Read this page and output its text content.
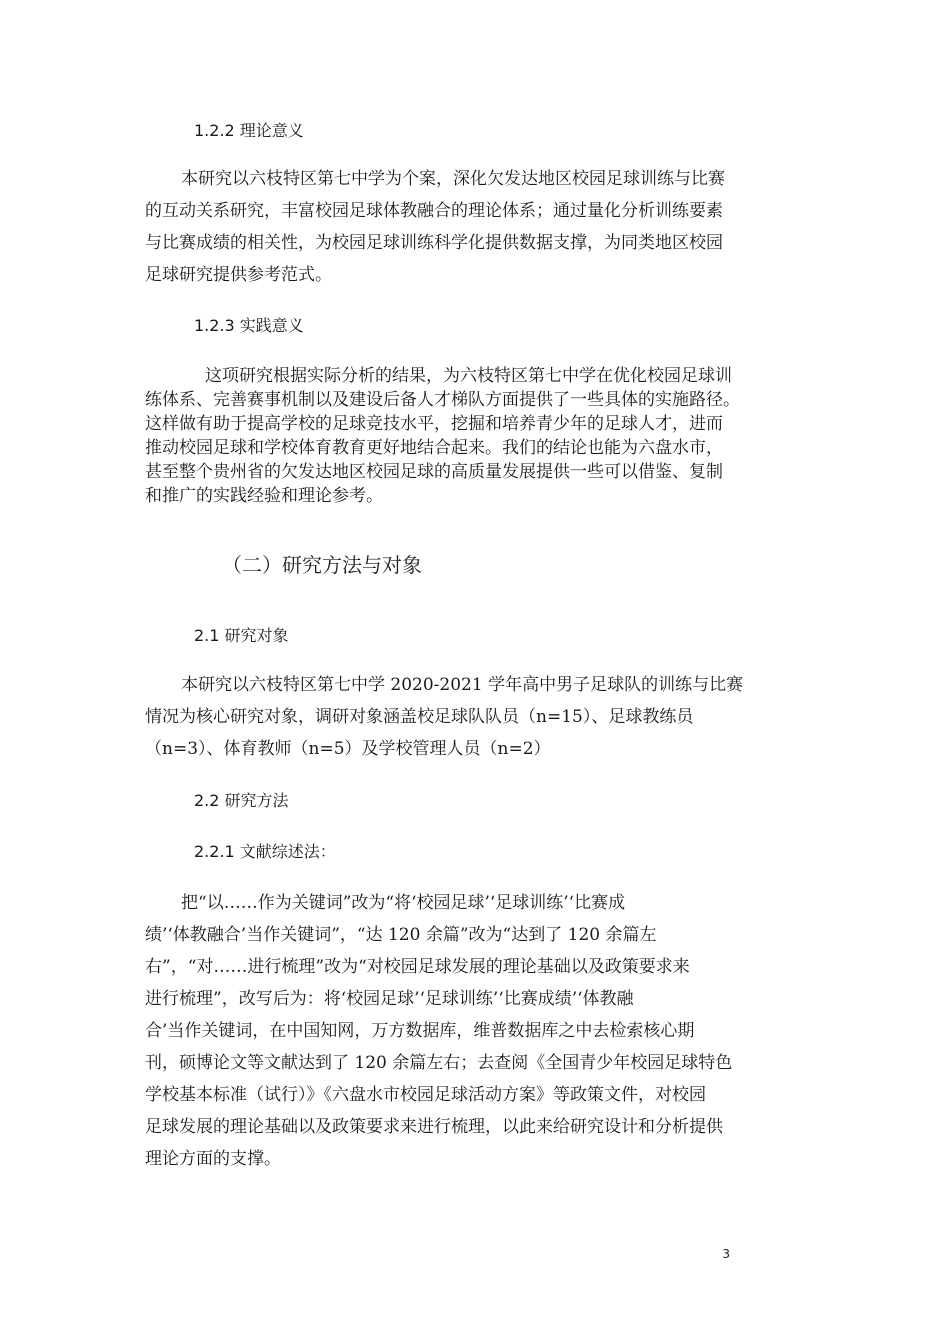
1.2.2 理论意义
本研究以六枝特区第七中学为个案，深化欠发达地区校园足球训练与比赛
的互动关系研究，丰富校园足球体教融合的理论体系；通过量化分析训练要素
与比赛成绩的相关性，为校园足球训练科学化提供数据支撑，为同类地区校园
足球研究提供参考范式。
1.2.3 实践意义
这项研究根据实际分析的结果，为六枝特区第七中学在优化校园足球训
练体系、完善赛事机制以及建设后备人才梯队方面提供了一些具体的实施路径。
这样做有助于提高学校的足球竞技水平，挖掘和培养青少年的足球人才，进而
推动校园足球和学校体育教育更好地结合起来。我们的结论也能为六盘水市，
甚至整个贵州省的欠发达地区校园足球的高质量发展提供一些可以借鉴、复制
和推广的实践经验和理论参考。
（二）研究方法与对象
2.1 研究对象
本研究以六枝特区第七中学 2020-2021 学年高中男子足球队的训练与比赛
情况为核心研究对象，调研对象涵盖校足球队队员（n=15）、足球教练员
（n=3）、体育教师（n=5）及学校管理人员（n=2）
2.2 研究方法
2.2.1 文献综述法：
把“以……作为关键词”改为“将‘校园足球’‘足球训练’‘比赛成
绩’‘体教融合’当作关键词”，“达 120 余篇”改为“达到了 120 余篇左
右”，“对……进行梳理”改为“对校园足球发展的理论基础以及政策要求来
进行梳理”，改写后为：将‘校园足球’‘足球训练’‘比赛成绩’‘体教融
合’当作关键词，在中国知网，万方数据库，维普数据库之中去检索核心期
刊，硕博论文等文献达到了 120 余篇左右；去查阅《全国青少年校园足球特色
学校基本标准（试行）》《六盘水市校园足球活动方案》等政策文件，对校园
足球发展的理论基础以及政策要求来进行梳理，以此来给研究设计和分析提供
理论方面的支撑。
3
